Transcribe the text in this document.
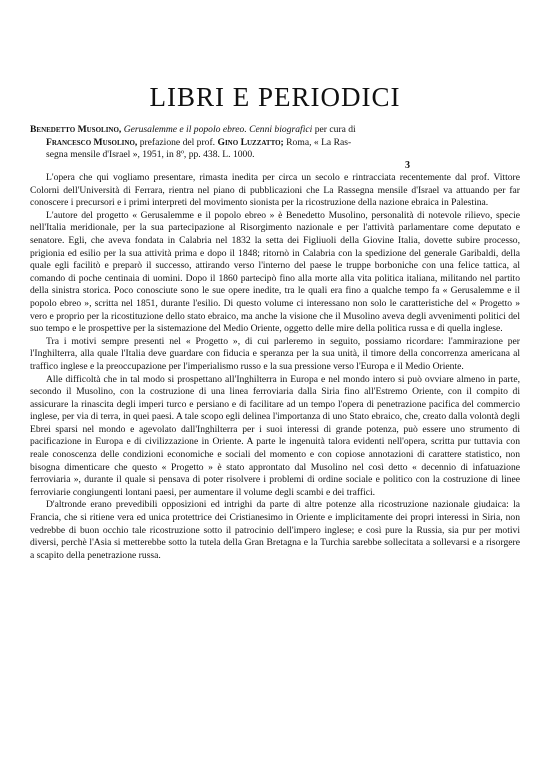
LIBRI E PERIODICI

Benedetto Musolino, Gerusalemme e il popolo ebreo. Cenni biografici per cura di

Francesco Musolino, prefazione del prof. Gino Luzzatto; Roma, « La Ras-

segna mensile d'Israel », 1951, in 8º, pp. 438. L. 1000.

3

L'opera che qui vogliamo presentare, rimasta inedita per circa un secolo e rintracciata recentemente dal prof. Vittore Colorni dell'Università di Ferrara, rientra nel piano di pubblicazioni che La Rassegna mensile d'Israel va attuando per far conoscere i precursori e i primi interpreti del movimento sionista per la ricostruzione della nazione ebraica in Palestina.

L'autore del progetto « Gerusalemme e il popolo ebreo » è Benedetto Musolino, personalità di notevole rilievo, specie nell'Italia meridionale, per la sua partecipazione al Risorgimento nazionale e per l'attività parlamentare come deputato e senatore. Egli, che aveva fondata in Calabria nel 1832 la setta dei Figliuoli della Giovine Italia, dovette subire processo, prigionia ed esilio per la sua attività prima e dopo il 1848; ritornò in Calabria con la spedizione del generale Garibaldi, della quale egli facilitò e preparò il successo, attirando verso l'interno del paese le truppe borboniche con una felice tattica, al comando di poche centinaia di uomini. Dopo il 1860 partecipò fino alla morte alla vita politica italiana, militando nel partito della sinistra storica. Poco conosciute sono le sue opere inedite, tra le quali era fino a qualche tempo fa « Gerusalemme e il popolo ebreo », scritta nel 1851, durante l'esilio. Di questo volume ci interessano non solo le caratteristiche del « Progetto » vero e proprio per la ricostituzione dello stato ebraico, ma anche la visione che il Musolino aveva degli avvenimenti politici del suo tempo e le prospettive per la sistemazione del Medio Oriente, oggetto delle mire della politica russa e di quella inglese.

Tra i motivi sempre presenti nel « Progetto », di cui parleremo in seguito, possiamo ricordare: l'ammirazione per l'Inghilterra, alla quale l'Italia deve guardare con fiducia e speranza per la sua unità, il timore della concorrenza americana al traffico inglese e la preoccupazione per l'imperialismo russo e la sua pressione verso l'Europa e il Medio Oriente.

Alle difficoltà che in tal modo si prospettano all'Inghilterra in Europa e nel mondo intero si può ovviare almeno in parte, secondo il Musolino, con la costruzione di una linea ferroviaria dalla Siria fino all'Estremo Oriente, con il compito di assicurare la rinascita degli imperi turco e persiano e di facilitare ad un tempo l'opera di penetrazione pacifica del commercio inglese, per via di terra, in quei paesi. A tale scopo egli delinea l'importanza di uno Stato ebraico, che, creato dalla volontà degli Ebrei sparsi nel mondo e agevolato dall'Inghilterra per i suoi interessi di grande potenza, può essere uno strumento di pacificazione in Europa e di civilizzazione in Oriente. A parte le ingenuità talora evidenti nell'opera, scritta pur tuttavia con reale conoscenza delle condizioni economiche e sociali del momento e con copiose annotazioni di carattere statistico, non bisogna dimenticare che questo « Progetto » è stato approntato dal Musolino nel così detto « decennio di infatuazione ferroviaria », durante il quale si pensava di poter risolvere i problemi di ordine sociale e politico con la costruzione di linee ferroviarie congiungenti lontani paesi, per aumentare il volume degli scambi e dei traffici.

D'altronde erano prevedibili opposizioni ed intrighi da parte di altre potenze alla ricostruzione nazionale giudaica: la Francia, che si ritiene vera ed unica protettrice dei Cristianesimo in Oriente e implicitamente dei propri interessi in Siria, non vedrebbe di buon occhio tale ricostruzione sotto il patrocinio dell'impero inglese; e così pure la Russia, sia pur per motivi diversi, perchè l'Asia si metterebbe sotto la tutela della Gran Bretagna e la Turchia sarebbe sollecitata a sollevarsi e a risorgere a scapito della penetrazione russa.
